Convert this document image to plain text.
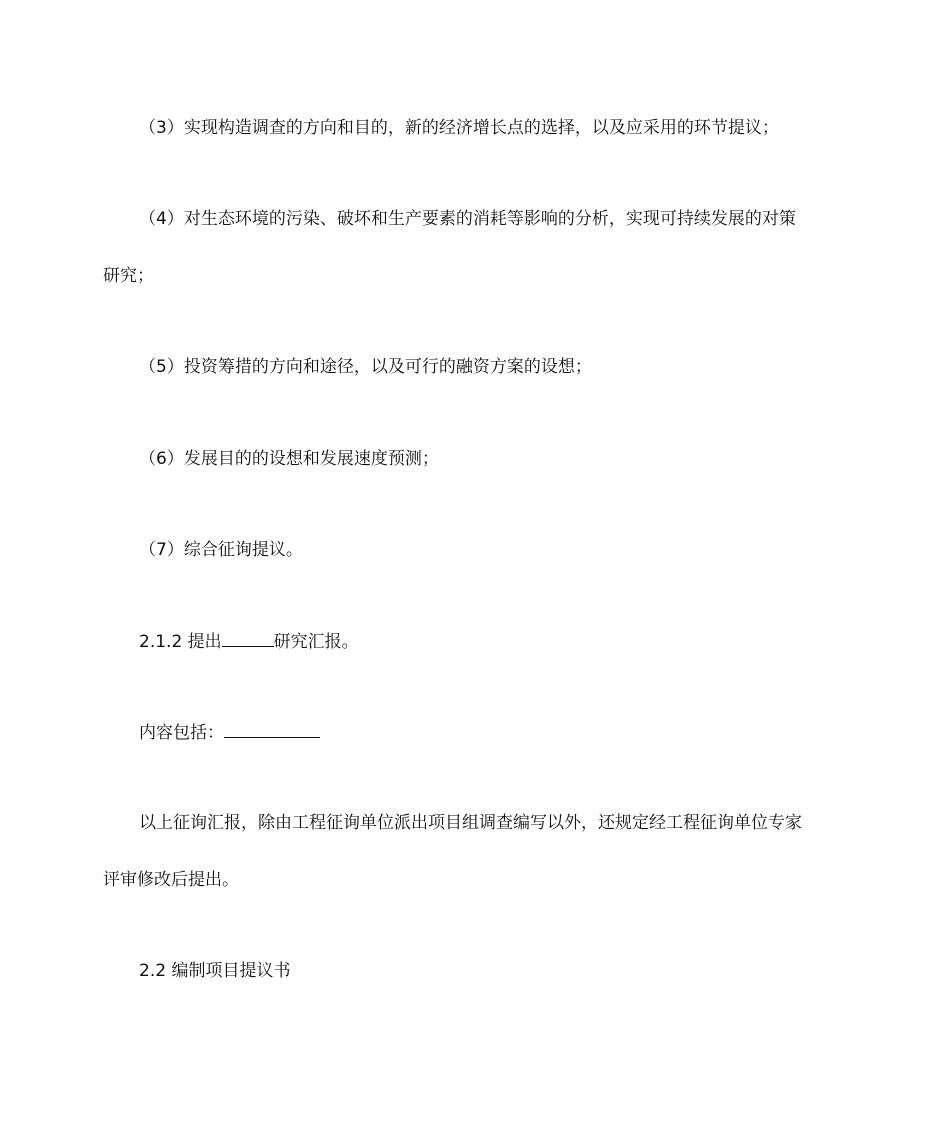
（3）实现构造调查的方向和目的，新的经济增长点的选择，以及应采用的环节提议；
（4）对生态环境的污染、破坏和生产要素的消耗等影响的分析，实现可持续发展的对策
研究；
（5）投资筹措的方向和途径，以及可行的融资方案的设想；
（6）发展目的的设想和发展速度预测；
（7）综合征询提议。
2.1.2 提出	研究汇报。
内容包括：
以上征询汇报，除由工程征询单位派出项目组调查编写以外，还规定经工程征询单位专家
评审修改后提出。
2.2 编制项目提议书
